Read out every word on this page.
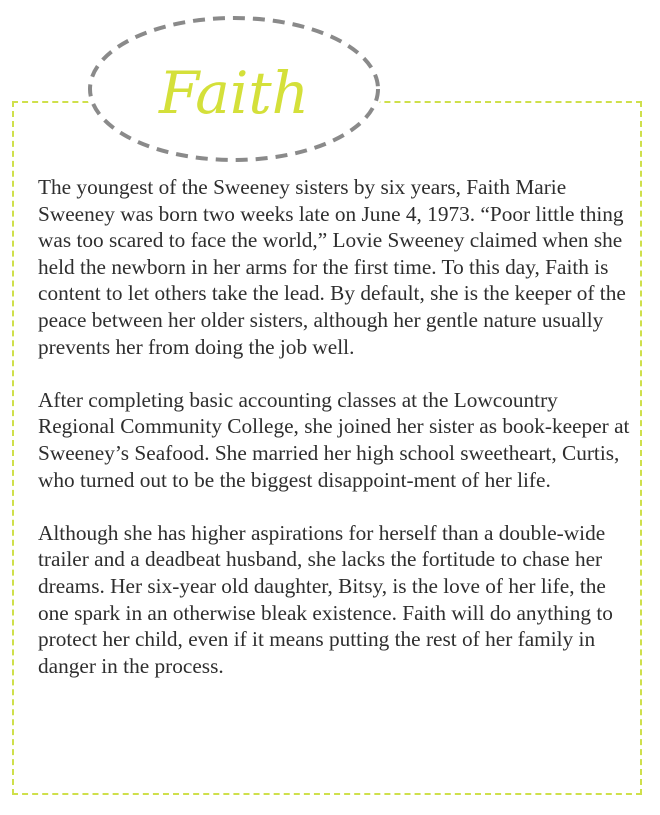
Faith

The youngest of the Sweeney sisters by six years, Faith Marie Sweeney was born two weeks late on June 4, 1973. “Poor little thing was too scared to face the world,” Lovie Sweeney claimed when she held the newborn in her arms for the first time. To this day, Faith is content to let others take the lead. By default, she is the keeper of the peace between her older sisters, although her gentle nature usually prevents her from doing the job well.

After completing basic accounting classes at the Lowcountry Regional Community College, she joined her sister as book-keeper at Sweeney’s Seafood. She married her high school sweetheart, Curtis, who turned out to be the biggest disappoint-ment of her life.

Although she has higher aspirations for herself than a double-wide trailer and a deadbeat husband, she lacks the fortitude to chase her dreams. Her six-year old daughter, Bitsy, is the love of her life, the one spark in an otherwise bleak existence. Faith will do anything to protect her child, even if it means putting the rest of her family in danger in the process.
